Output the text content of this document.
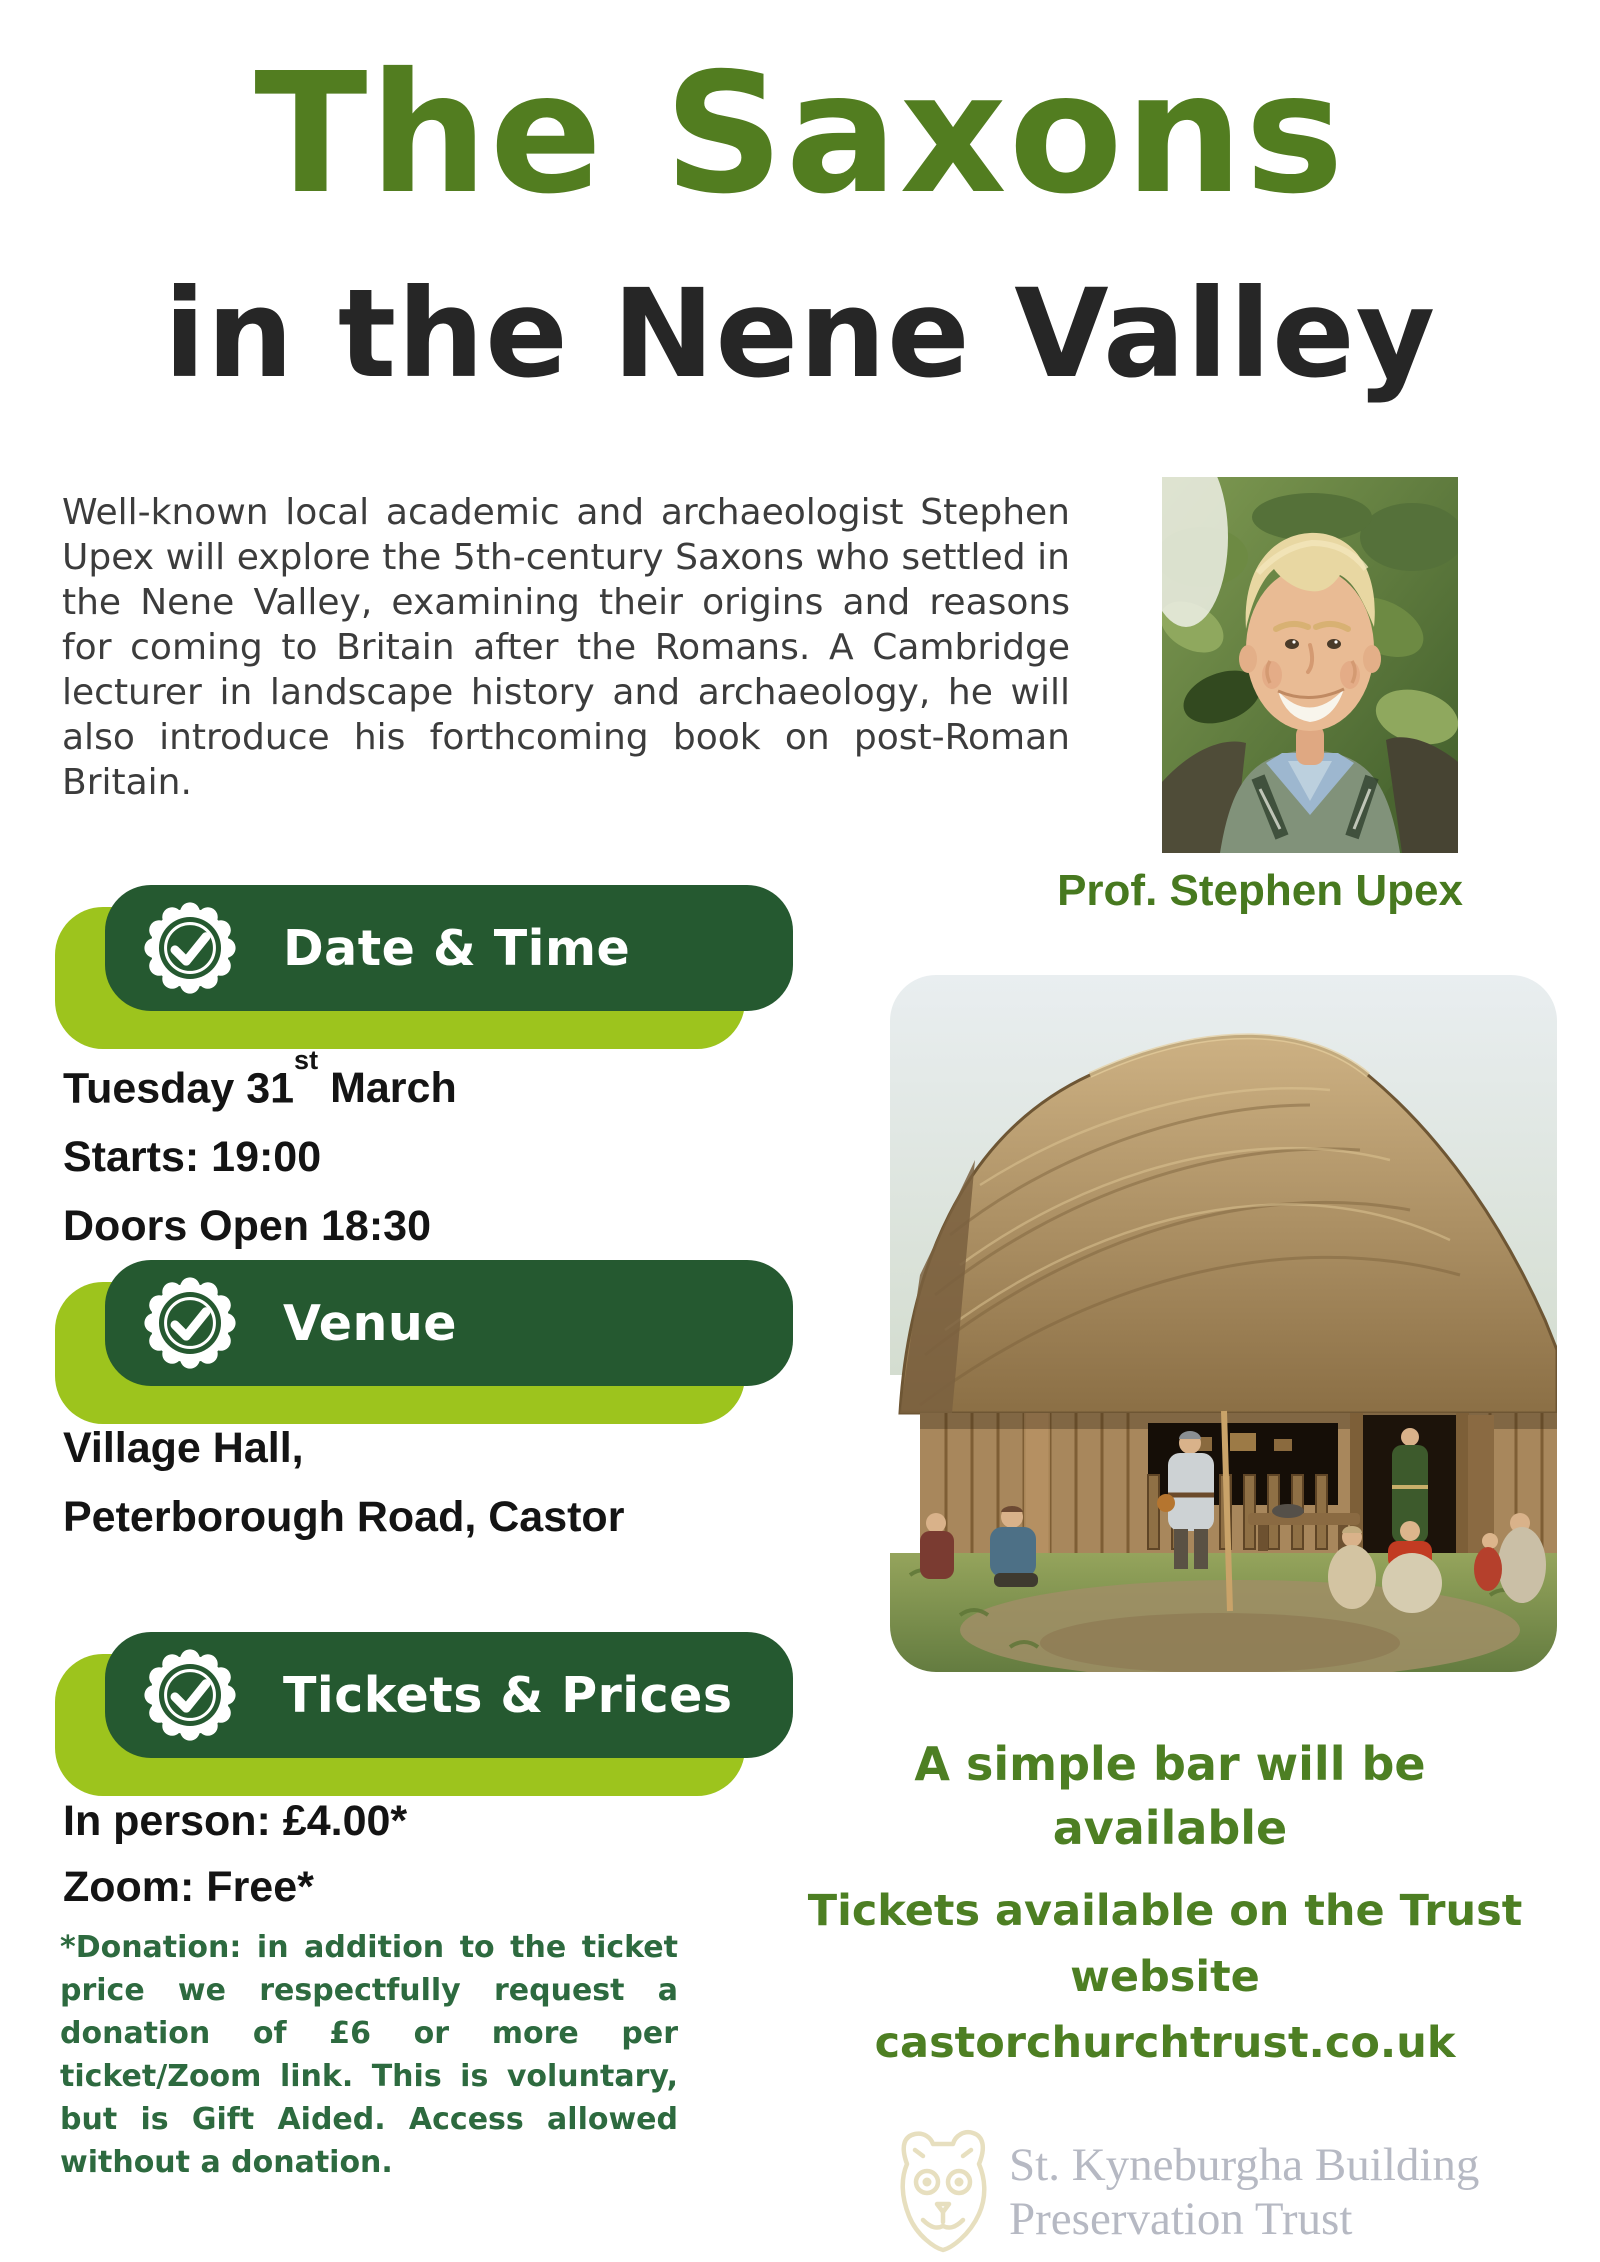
The Saxons
in the Nene Valley
Well-known local academic and archaeologist Stephen Upex will explore the 5th-century Saxons who settled in the Nene Valley, examining their origins and reasons for coming to Britain after the Romans. A Cambridge lecturer in landscape history and archaeology, he will also introduce his forthcoming book on post-Roman Britain.
Prof. Stephen Upex
Date & Time
Tuesday 31stMarch
Starts: 19:00
Doors Open 18:30
Venue
Village Hall,
Peterborough Road, Castor
Tickets & Prices
In person: £4.00*
Zoom: Free*
*Donation: in addition to the ticket price we respectfully request a donation of £6 or more per ticket/Zoom link. This is voluntary, but is Gift Aided. Access allowed without a donation.
A simple bar will be
available
Tickets available on the Trust
website
castorchurchtrust.co.uk
St. Kyneburgha Building
Preservation Trust
